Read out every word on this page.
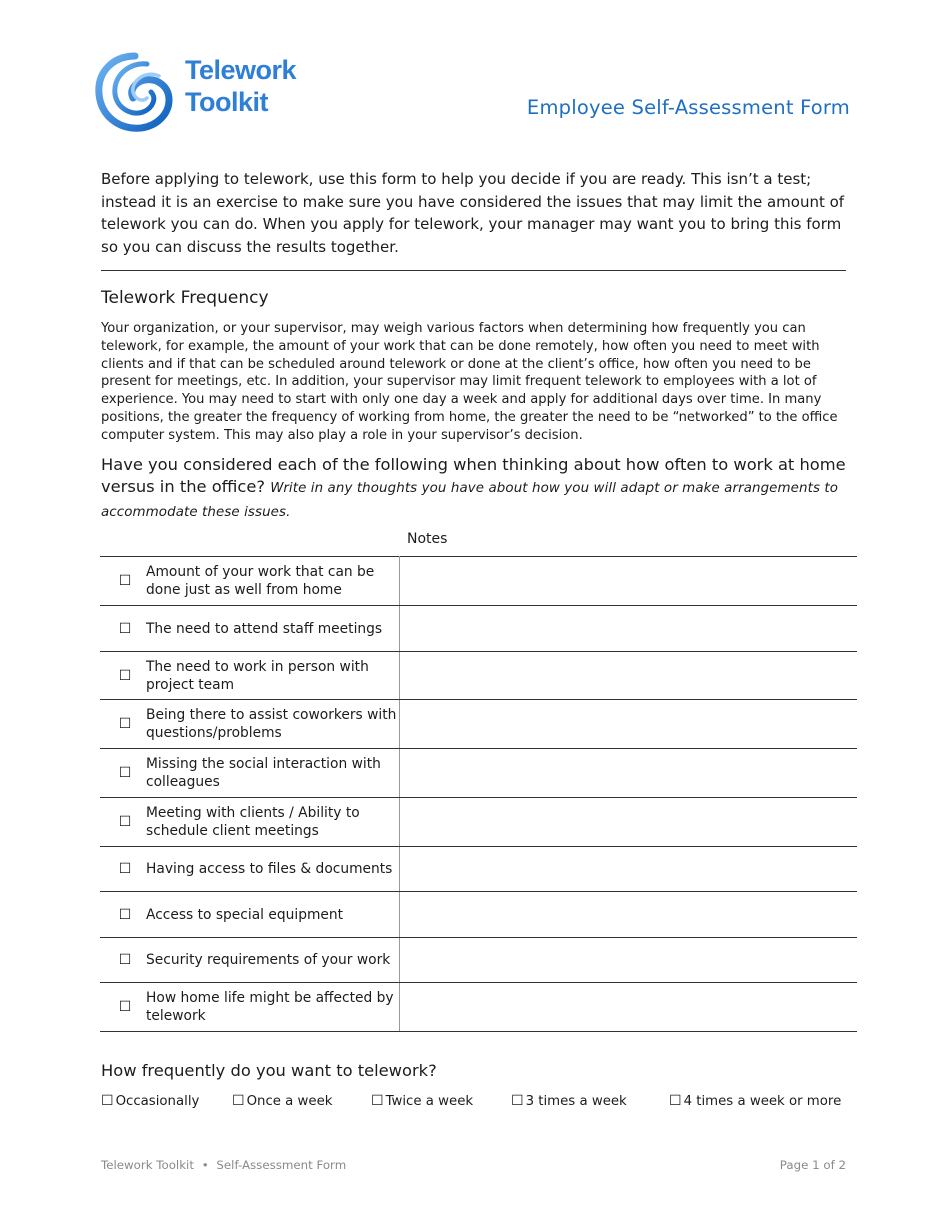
Telework
Toolkit	Employee Self-Assessment Form
Before applying to telework, use this form to help you decide if you are ready. This isn’t a test; instead it is an exercise to make sure you have considered the issues that may limit the amount of telework you can do. When you apply for telework, your manager may want you to bring this form so you can discuss the results together.
Telework Frequency
Your organization, or your supervisor, may weigh various factors when determining how frequently you can telework, for example, the amount of your work that can be done remotely, how often you need to meet with clients and if that can be scheduled around telework or done at the client’s office, how often you need to be present for meetings, etc. In addition, your supervisor may limit frequent telework to employees with a lot of experience. You may need to start with only one day a week and apply for additional days over time. In many positions, the greater the frequency of working from home, the greater the need to be “networked” to the office computer system. This may also play a role in your supervisor’s decision.
Have you considered each of the following when thinking about how often to work at home versus in the office? Write in any thoughts you have about how you will adapt or make arrangements to accommodate these issues.
Notes
☐
Amount of your work that can be
done just as well from home	

☐ The need to attend staff meetings	

☐
The need to work in person with
project team	

☐
Being there to assist coworkers with
questions/problems	

☐
Missing the social interaction with
colleagues	

☐
Meeting with clients / Ability to
schedule client meetings	

☐ Having access to files & documents	

☐ Access to special equipment	

☐ Security requirements of your work	

☐
How home life might be affected by
telework	

How frequently do you want to telework?
☐ Occasionally ☐ Once a week	☐ Twice a week	☐ 3 times a week	☐ 4 times a week or more
Telework Toolkit • Self-Assessment Form	Page 1 of 2
